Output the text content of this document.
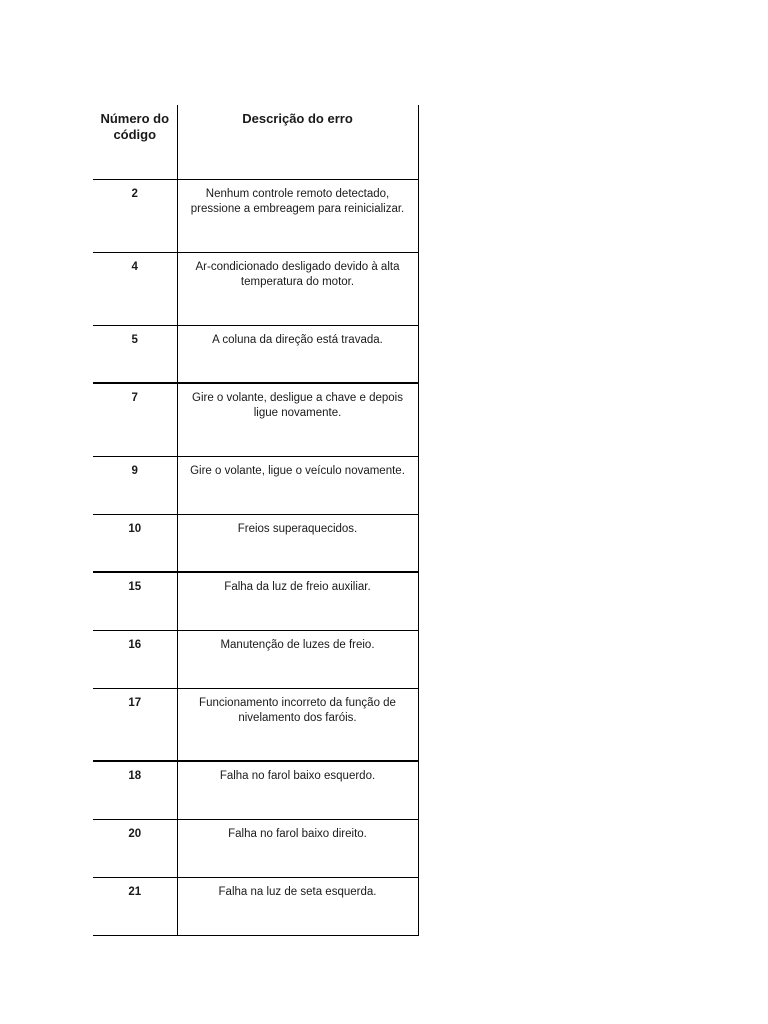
Número do código	Descrição do erro
2	Nenhum controle remoto detectado, pressione a embreagem para reinicializar.
4	Ar-condicionado desligado devido à alta temperatura do motor.
5	A coluna da direção está travada.
7	Gire o volante, desligue a chave e depois ligue novamente.
9	Gire o volante, ligue o veículo novamente.
10	Freios superaquecidos.
15	Falha da luz de freio auxiliar.
16	Manutenção de luzes de freio.
17	Funcionamento incorreto da função de nivelamento dos faróis.
18	Falha no farol baixo esquerdo.
20	Falha no farol baixo direito.
21	Falha na luz de seta esquerda.
